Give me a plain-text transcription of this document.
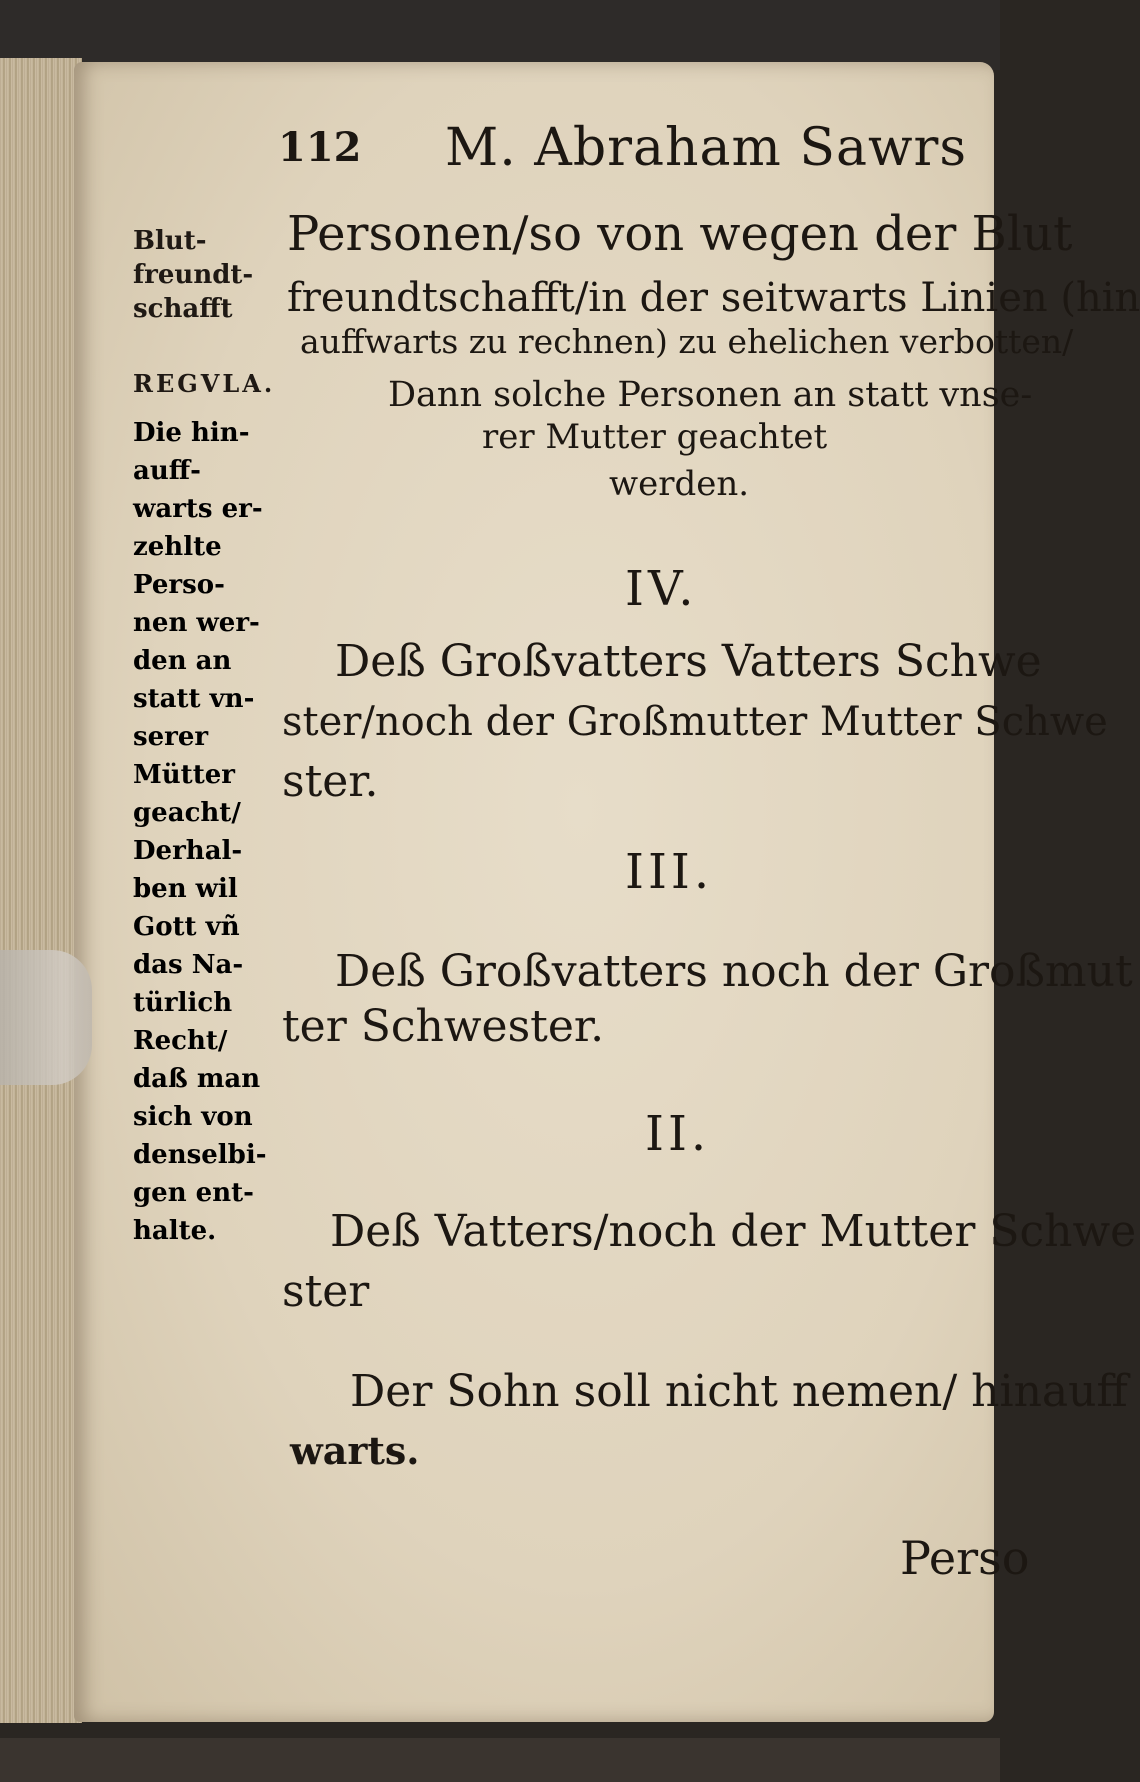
112 M. Abraham Sawrs
Blut-
freundt-
schafft
REGVLA.
Die hin-
auff-
warts er-
zehlte
Perso-
nen wer-
den an
statt vn-
serer
Mütter
geacht/
Derhal-
ben wil
Gott vñ
das Na-
türlich
Recht/
daß man
sich von
denselbi-
gen ent-
halte.
Personen/so von wegen der Blut
freundtschafft/in der seitwarts Linien (hin
auffwarts zu rechnen) zu ehelichen verbotten/
Dann solche Personen an statt vnse-
rer Mutter geachtet
werden.
IV.
Deß Großvatters Vatters Schwe
ster/noch der Großmutter Mutter Schwe
ster.
III.
Deß Großvatters noch der Großmut
ter Schwester.
II.
Deß Vatters/noch der Mutter Schwe
ster
Der Sohn soll nicht nemen/ hinauff
warts.
Perso
